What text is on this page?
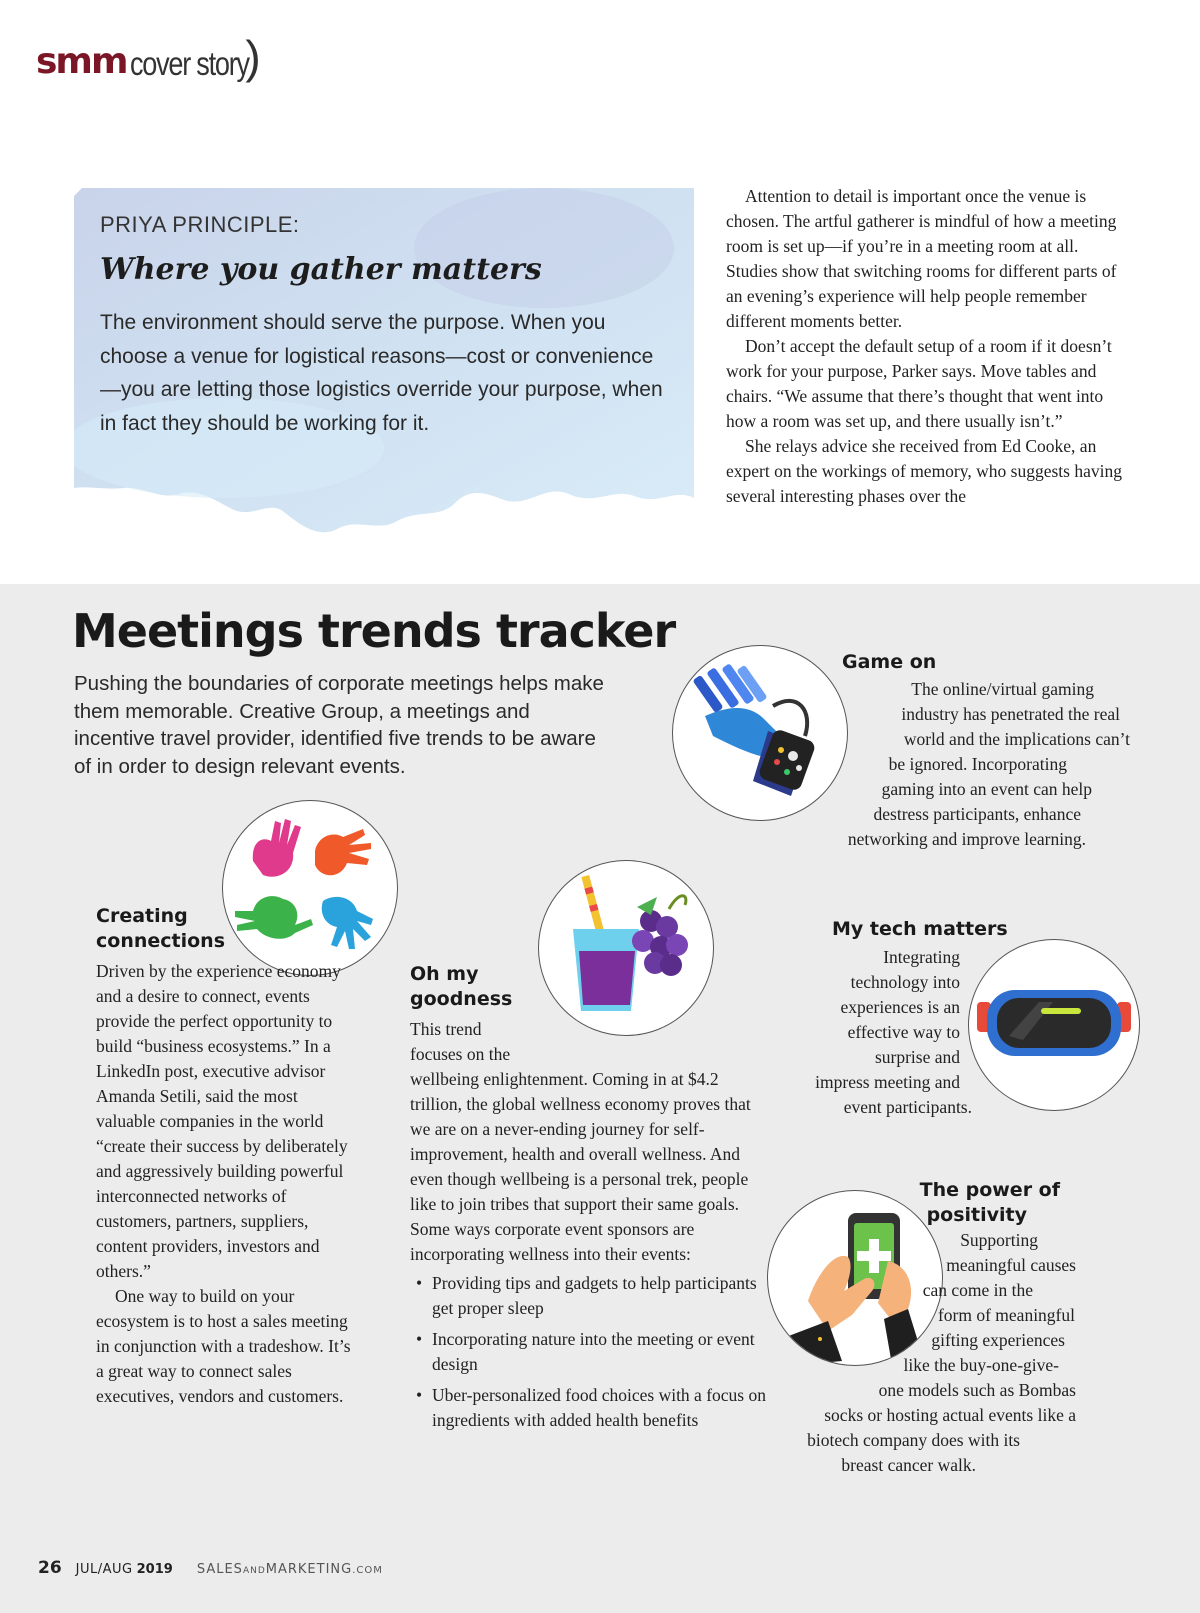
smm cover story
)
PRIYA PRINCIPLE:
Where you gather matters
The environment should serve the purpose. When you choose a venue for logistical reasons—cost or convenience—you are letting those logistics override your purpose, when in fact they should be working for it.

Attention to detail is important once the venue is chosen. The artful gatherer is mindful of how a meeting room is set up—if you’re in a meeting room at all. Studies show that switching rooms for different parts of an evening’s experience will help people remember different moments better.

Don’t accept the default setup of a room if it doesn’t work for your purpose, Parker says. Move tables and chairs. “We assume that there’s thought that went into how a room was set up, and there usually isn’t.”

She relays advice she received from Ed Cooke, an expert on the workings of memory, who suggests having several interesting phases over the

Meetings trends tracker
Pushing the boundaries of corporate meetings helps make them memorable. Creative Group, a meetings and incentive travel provider, identified five trends to be aware of in order to design relevant events.
Game on
The online/virtual gaming
industry has penetrated the real
world and the implications can’t
be ignored. Incorporating
gaming into an event can help
destress participants, enhance
networking and improve learning.
Creating
connections

Driven by the experience economy and a desire to connect, events provide the perfect opportunity to build “business ecosystems.” In a LinkedIn post, executive advisor Amanda Setili, said the most valuable companies in the world “create their success by deliberately and aggressively building powerful interconnected networks of customers, partners, suppliers, content providers, investors and others.”

One way to build on your ecosystem is to host a sales meeting in conjunction with a tradeshow. It’s a great way to connect sales executives, vendors and customers.

Oh my
goodness
This trend
focuses on the

wellbeing enlightenment. Coming in at $4.2 trillion, the global wellness economy proves that we are on a never-ending journey for self-improvement, health and overall wellness. And even though wellbeing is a personal trek, people like to join tribes that support their same goals. Some ways corporate event sponsors are incorporating wellness into their events:

• Providing tips and gadgets to help participants get proper sleep
• Incorporating nature into the meeting or event design
• Uber-personalized food choices with a focus on ingredients with added health benefits
My tech matters
Integrating
technology into
experiences is an
effective way to
surprise and
impress meeting and
event participants.
The power of
positivity
Supporting
meaningful causes
can come in the
form of meaningful
gifting experiences
like the buy-one-give-
one models such as Bombas
socks or hosting actual events like a
biotech company does with its
breast cancer walk.
26 JUL/AUG 2019 SALESANDMARKETING.COM
